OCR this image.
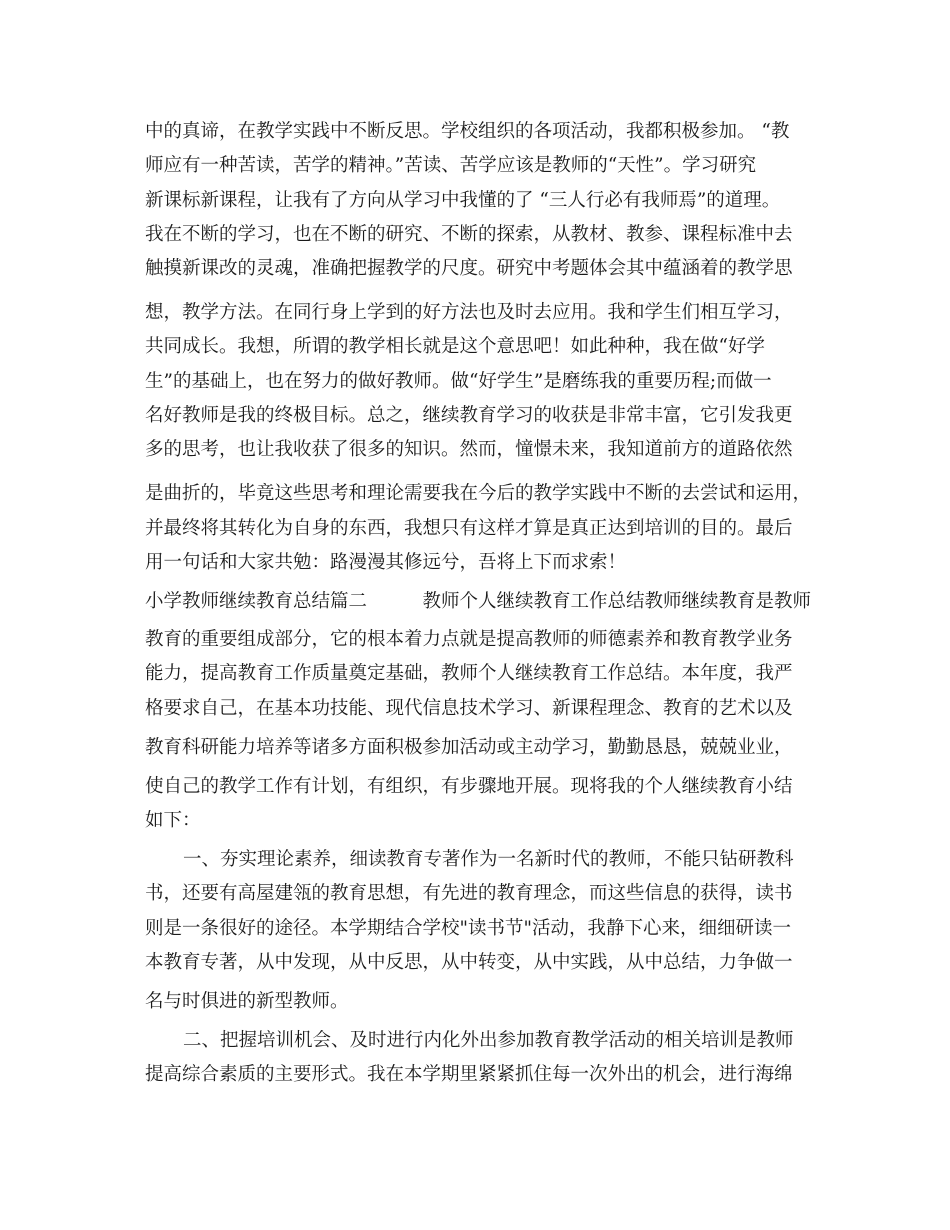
中的真谛，在教学实践中不断反思。学校组织的各项活动，我都积极参加。 “教

师应有一种苦读，苦学的精神。”苦读、苦学应该是教师的“天性”。学习研究

新课标新课程，让我有了方向从学习中我懂的了 “三人行必有我师焉”的道理。

我在不断的学习，也在不断的研究、不断的探索，从教材、教参、课程标准中去

触摸新课改的灵魂，准确把握教学的尺度。研究中考题体会其中蕴涵着的教学思

想，教学方法。在同行身上学到的好方法也及时去应用。我和学生们相互学习，

共同成长。我想，所谓的教学相长就是这个意思吧！如此种种，我在做“好学

生”的基础上，也在努力的做好教师。做“好学生”是磨练我的重要历程;而做一

名好教师是我的终极目标。总之，继续教育学习的收获是非常丰富，它引发我更

多的思考，也让我收获了很多的知识。然而，憧憬未来，我知道前方的道路依然

是曲折的，毕竟这些思考和理论需要我在今后的教学实践中不断的去尝试和运用，

并最终将其转化为自身的东西，我想只有这样才算是真正达到培训的目的。最后

用一句话和大家共勉：路漫漫其修远兮，吾将上下而求索！

小学教师继续教育总结篇二　　　教师个人继续教育工作总结教师继续教育是教师

教育的重要组成部分，它的根本着力点就是提高教师的师德素养和教育教学业务

能力，提高教育工作质量奠定基础，教师个人继续教育工作总结。本年度，我严

格要求自己，在基本功技能、现代信息技术学习、新课程理念、教育的艺术以及

教育科研能力培养等诸多方面积极参加活动或主动学习，勤勤恳恳，兢兢业业，

使自己的教学工作有计划，有组织，有步骤地开展。现将我的个人继续教育小结

如下：

一、夯实理论素养，细读教育专著作为一名新时代的教师，不能只钻研教科

书，还要有高屋建瓴的教育思想，有先进的教育理念，而这些信息的获得，读书

则是一条很好的途径。本学期结合学校"读书节"活动，我静下心来，细细研读一

本教育专著，从中发现，从中反思，从中转变，从中实践，从中总结，力争做一

名与时俱进的新型教师。

二、把握培训机会、及时进行内化外出参加教育教学活动的相关培训是教师

提高综合素质的主要形式。我在本学期里紧紧抓住每一次外出的机会，进行海绵
